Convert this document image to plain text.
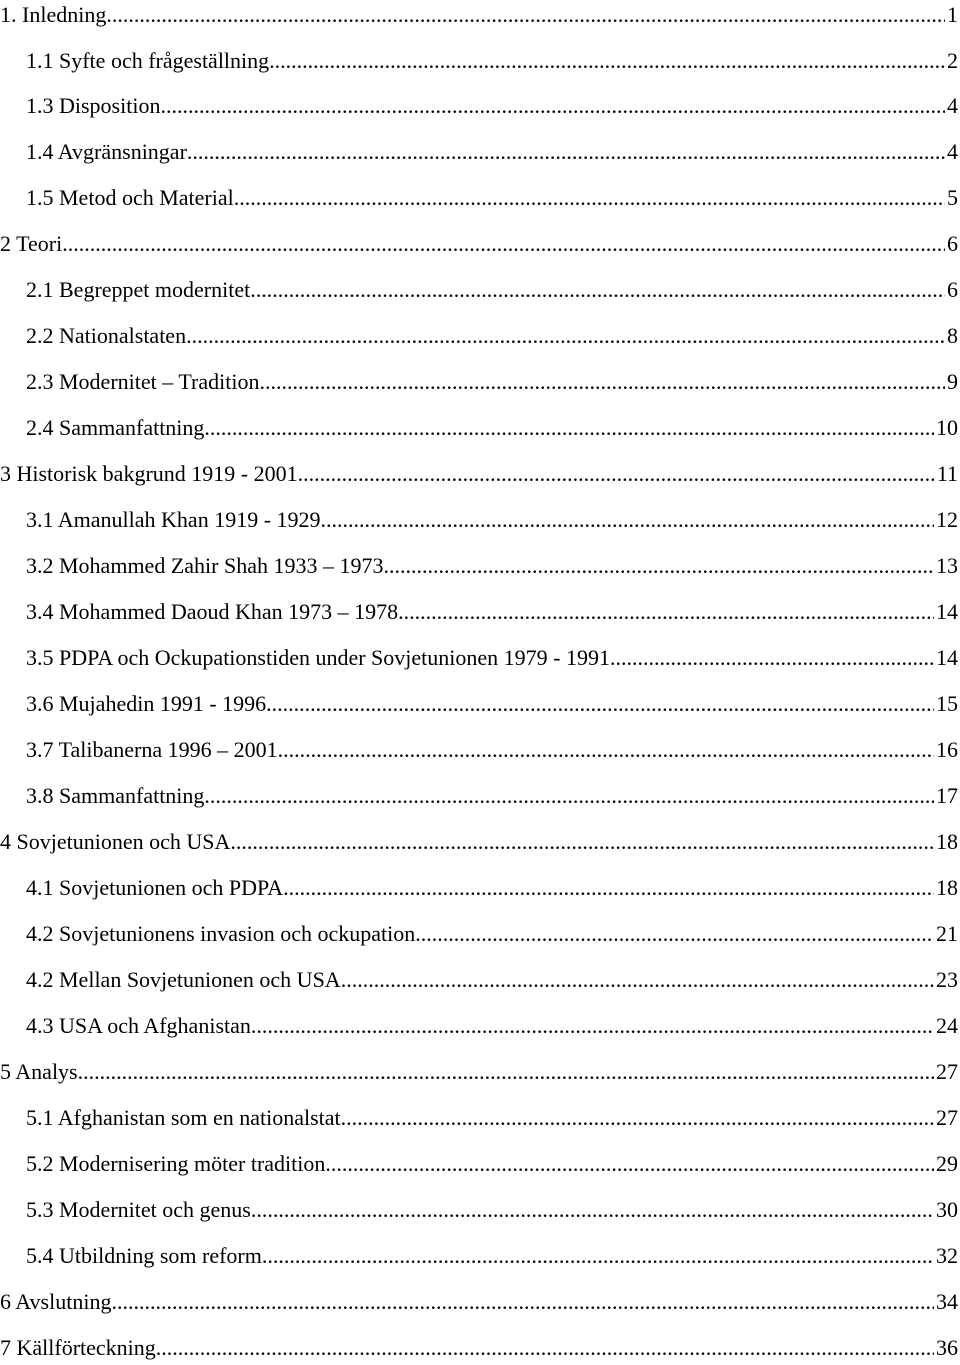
1. Inledning .....	1
1.1 Syfte och frågeställning .....	2
1.3 Disposition .....	4
1.4 Avgränsningar .....	4
1.5 Metod och Material .....	5
2 Teori .....	6
2.1 Begreppet modernitet .....	6
2.2 Nationalstaten .....	8
2.3 Modernitet – Tradition .....	9
2.4 Sammanfattning .....	10
3 Historisk bakgrund 1919 - 2001 .....	11
3.1 Amanullah Khan 1919 - 1929 .....	12
3.2 Mohammed Zahir Shah 1933 – 1973 .....	13
3.4 Mohammed Daoud Khan 1973 – 1978 .....	14
3.5 PDPA och Ockupationstiden under Sovjetunionen 1979 - 1991 .....	14
3.6 Mujahedin 1991 - 1996 .....	15
3.7 Talibanerna 1996 – 2001 .....	16
3.8 Sammanfattning .....	17
4 Sovjetunionen och USA .....	18
4.1 Sovjetunionen och PDPA .....	18
4.2 Sovjetunionens invasion och ockupation .....	21
4.2 Mellan Sovjetunionen och USA .....	23
4.3 USA och Afghanistan .....	24
5 Analys .....	27
5.1 Afghanistan som en nationalstat .....	27
5.2 Modernisering möter tradition .....	29
5.3 Modernitet och genus .....	30
5.4 Utbildning som reform .....	32
6 Avslutning .....	34
7 Källförteckning .....	36
